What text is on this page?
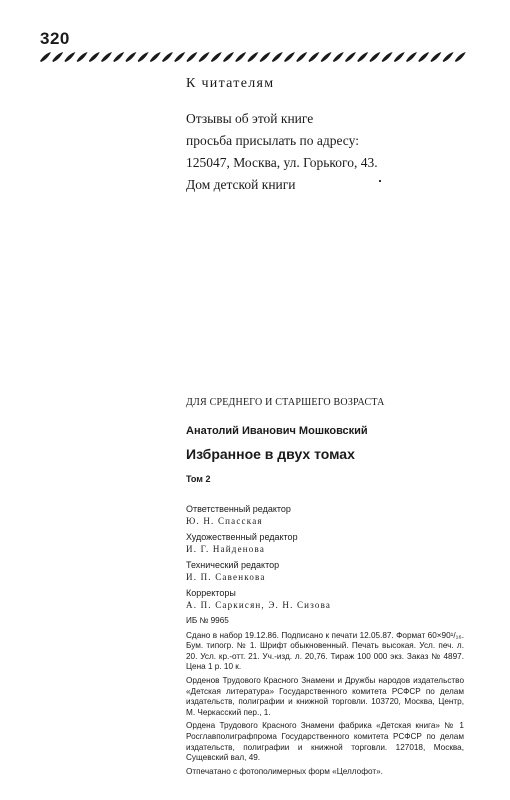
320
К читателям
Отзывы об этой книге
просьба присылать по адресу:
125047, Москва, ул. Горького, 43.
Дом детской книги
ДЛЯ СРЕДНЕГО И СТАРШЕГО ВОЗРАСТА
Анатолий Иванович Мошковский
Избранное в двух томах
Том 2
Ответственный редактор
Ю. Н. Спасская
Художественный редактор
И. Г. Найденова
Технический редактор
И. П. Савенкова
Корректоры
А. П. Саркисян, Э. Н. Сизова

ИБ № 9965

Сдано в набор 19.12.86. Подписано к печати 12.05.87. Формат 60×90¹/₁₆. Бум. типогр. № 1. Шрифт обыкновенный. Печать высокая. Усл. печ. л. 20. Усл. кр.-отт. 21. Уч.-изд. л. 20,76. Тираж 100 000 экз. Заказ № 4897. Цена 1 р. 10 к.

Орденов Трудового Красного Знамени и Дружбы народов издательство «Детская литература» Государственного комитета РСФСР по делам издательств, полиграфии и книжной торговли. 103720, Москва, Центр, М. Черкасский пер., 1.

Ордена Трудового Красного Знамени фабрика «Детская книга» № 1 Росглавполиграфпрома Государственного комитета РСФСР по делам издательств, полиграфии и книжной торговли. 127018, Москва, Сущевский вал, 49.

Отпечатано с фотополимерных форм «Целлофот».
